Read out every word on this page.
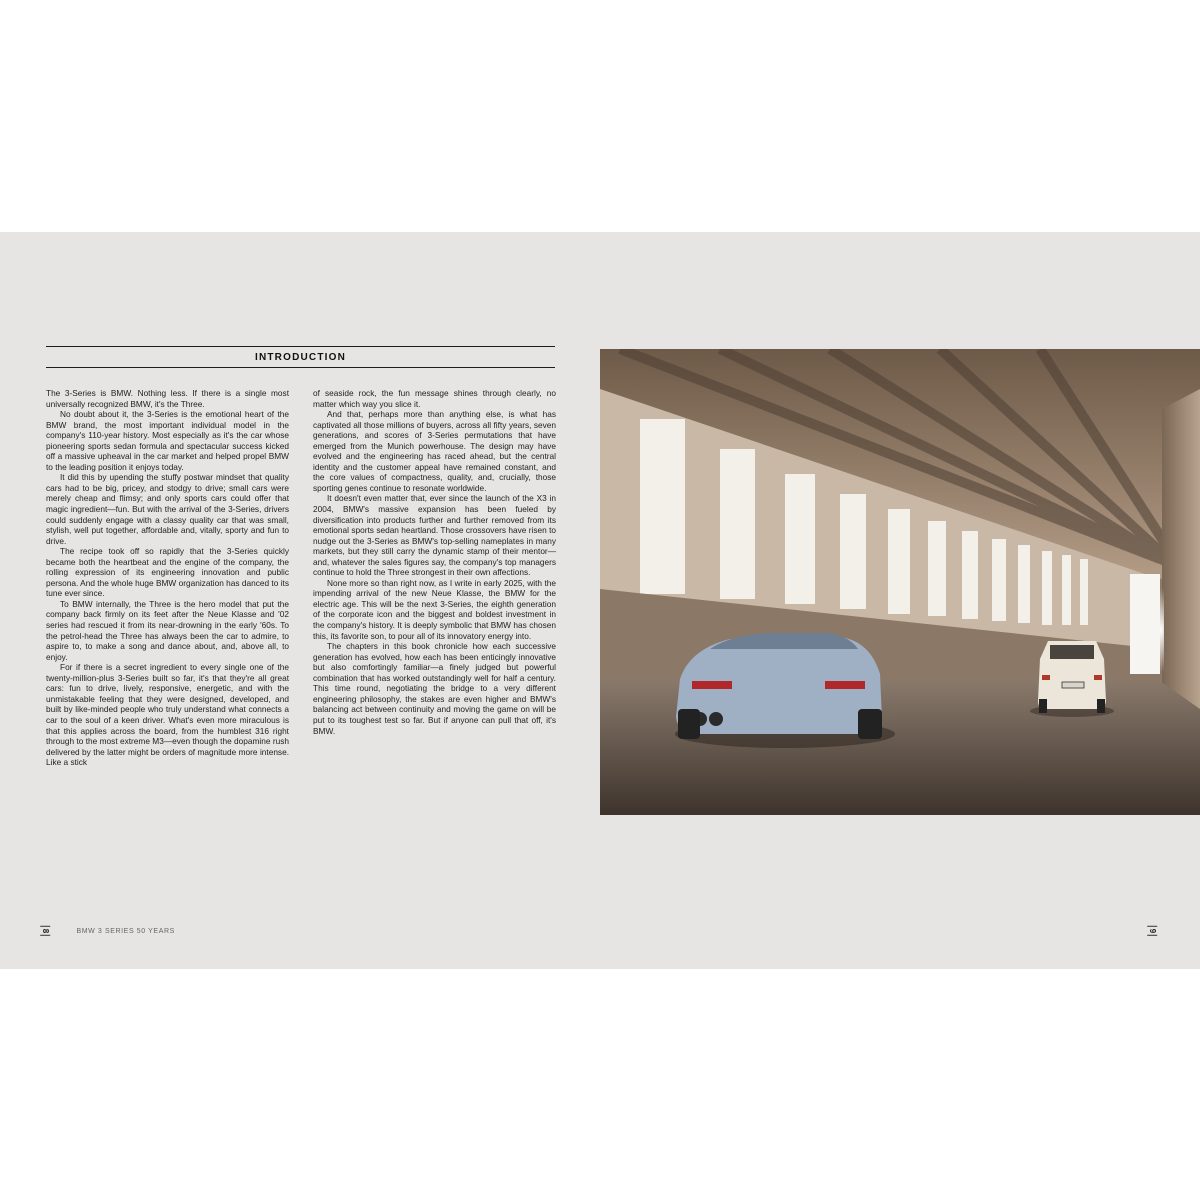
INTRODUCTION

The 3-Series is BMW. Nothing less. If there is a single most universally recognized BMW, it's the Three.

No doubt about it, the 3-Series is the emotional heart of the BMW brand, the most important individual model in the company's 110-year history. Most especially as it's the car whose pioneering sports sedan formula and spectacular success kicked off a massive upheaval in the car market and helped propel BMW to the leading position it enjoys today.

It did this by upending the stuffy postwar mindset that quality cars had to be big, pricey, and stodgy to drive; small cars were merely cheap and flimsy; and only sports cars could offer that magic ingredient—fun. But with the arrival of the 3-Series, drivers could suddenly engage with a classy quality car that was small, stylish, well put together, affordable and, vitally, sporty and fun to drive.

The recipe took off so rapidly that the 3-Series quickly became both the heartbeat and the engine of the company, the rolling expression of its engineering innovation and public persona. And the whole huge BMW organization has danced to its tune ever since.

To BMW internally, the Three is the hero model that put the company back firmly on its feet after the Neue Klasse and '02 series had rescued it from its near-drowning in the early '60s. To the petrol-head the Three has always been the car to admire, to aspire to, to make a song and dance about, and, above all, to enjoy.

For if there is a secret ingredient to every single one of the twenty-million-plus 3-Series built so far, it's that they're all great cars: fun to drive, lively, responsive, energetic, and with the unmistakable feeling that they were designed, developed, and built by like-minded people who truly understand what connects a car to the soul of a keen driver. What's even more miraculous is that this applies across the board, from the humblest 316 right through to the most extreme M3—even though the dopamine rush delivered by the latter might be orders of magnitude more intense. Like a stick

of seaside rock, the fun message shines through clearly, no matter which way you slice it.

And that, perhaps more than anything else, is what has captivated all those millions of buyers, across all fifty years, seven generations, and scores of 3-Series permutations that have emerged from the Munich powerhouse. The design may have evolved and the engineering has raced ahead, but the central identity and the customer appeal have remained constant, and the core values of compactness, quality, and, crucially, those sporting genes continue to resonate worldwide.

It doesn't even matter that, ever since the launch of the X3 in 2004, BMW's massive expansion has been fueled by diversification into products further and further removed from its emotional sports sedan heartland. Those crossovers have risen to nudge out the 3-Series as BMW's top-selling nameplates in many markets, but they still carry the dynamic stamp of their mentor—and, whatever the sales figures say, the company's top managers continue to hold the Three strongest in their own affections.

None more so than right now, as I write in early 2025, with the impending arrival of the new Neue Klasse, the BMW for the electric age. This will be the next 3-Series, the eighth generation of the corporate icon and the biggest and boldest investment in the company's history. It is deeply symbolic that BMW has chosen this, its favorite son, to pour all of its innovatory energy into.

The chapters in this book chronicle how each successive generation has evolved, how each has been enticingly innovative but also comfortingly familiar—a finely judged but powerful combination that has worked outstandingly well for half a century. This time round, negotiating the bridge to a very different engineering philosophy, the stakes are even higher and BMW's balancing act between continuity and moving the game on will be put to its toughest test so far. But if anyone can pull that off, it's BMW.

8	BMW 3 SERIES 50 YEARS	9
